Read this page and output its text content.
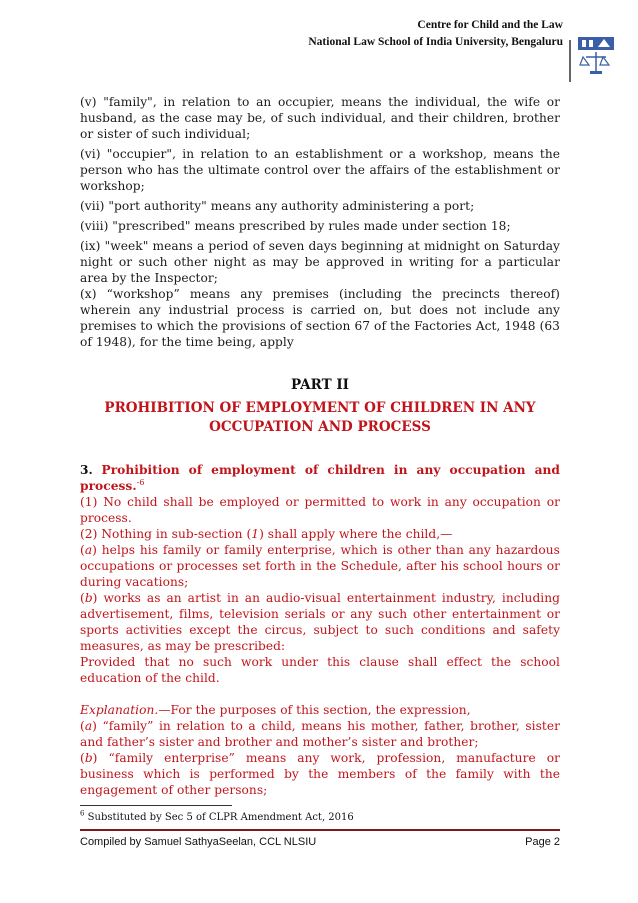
Centre for Child and the Law
National Law School of India University, Bengaluru

(v) "family", in relation to an occupier, means the individual, the wife or husband, as the case may be, of such individual, and their children, brother or sister of such individual;

(vi) "occupier", in relation to an establishment or a workshop, means the person who has the ultimate control over the affairs of the establishment or workshop;

(vii) "port authority" means any authority administering a port;

(viii) "prescribed" means prescribed by rules made under section 18;

(ix) "week" means a period of seven days beginning at midnight on Saturday night or such other night as may be approved in writing for a particular area by the Inspector;

(x) “workshop” means any premises (including the precincts thereof) wherein any industrial process is carried on, but does not include any premises to which the provisions of section 67 of the Factories Act, 1948 (63 of 1948), for the time being, apply

PART II
PROHIBITION OF EMPLOYMENT OF CHILDREN IN ANY OCCUPATION AND PROCESS

3. Prohibition of employment of children in any occupation and process.$^{-6}$

(1) No child shall be employed or permitted to work in any occupation or process.

(2) Nothing in sub-section (1) shall apply where the child,—

(a) helps his family or family enterprise, which is other than any hazardous occupations or processes set forth in the Schedule, after his school hours or during vacations;

(b) works as an artist in an audio-visual entertainment industry, including advertisement, films, television serials or any such other entertainment or sports activities except the circus, subject to such conditions and safety measures, as may be prescribed:

Provided that no such work under this clause shall effect the school education of the child.

Explanation.—For the purposes of this section, the expression,

(a) “family” in relation to a child, means his mother, father, brother, sister and father’s sister and brother and mother’s sister and brother;

(b) “family enterprise” means any work, profession, manufacture or business which is performed by the members of the family with the engagement of other persons;

$^6$ Substituted by Sec 5 of CLPR Amendment Act, 2016
Compiled by Samuel SathyaSeelan, CCL NLSIU	Page 2
